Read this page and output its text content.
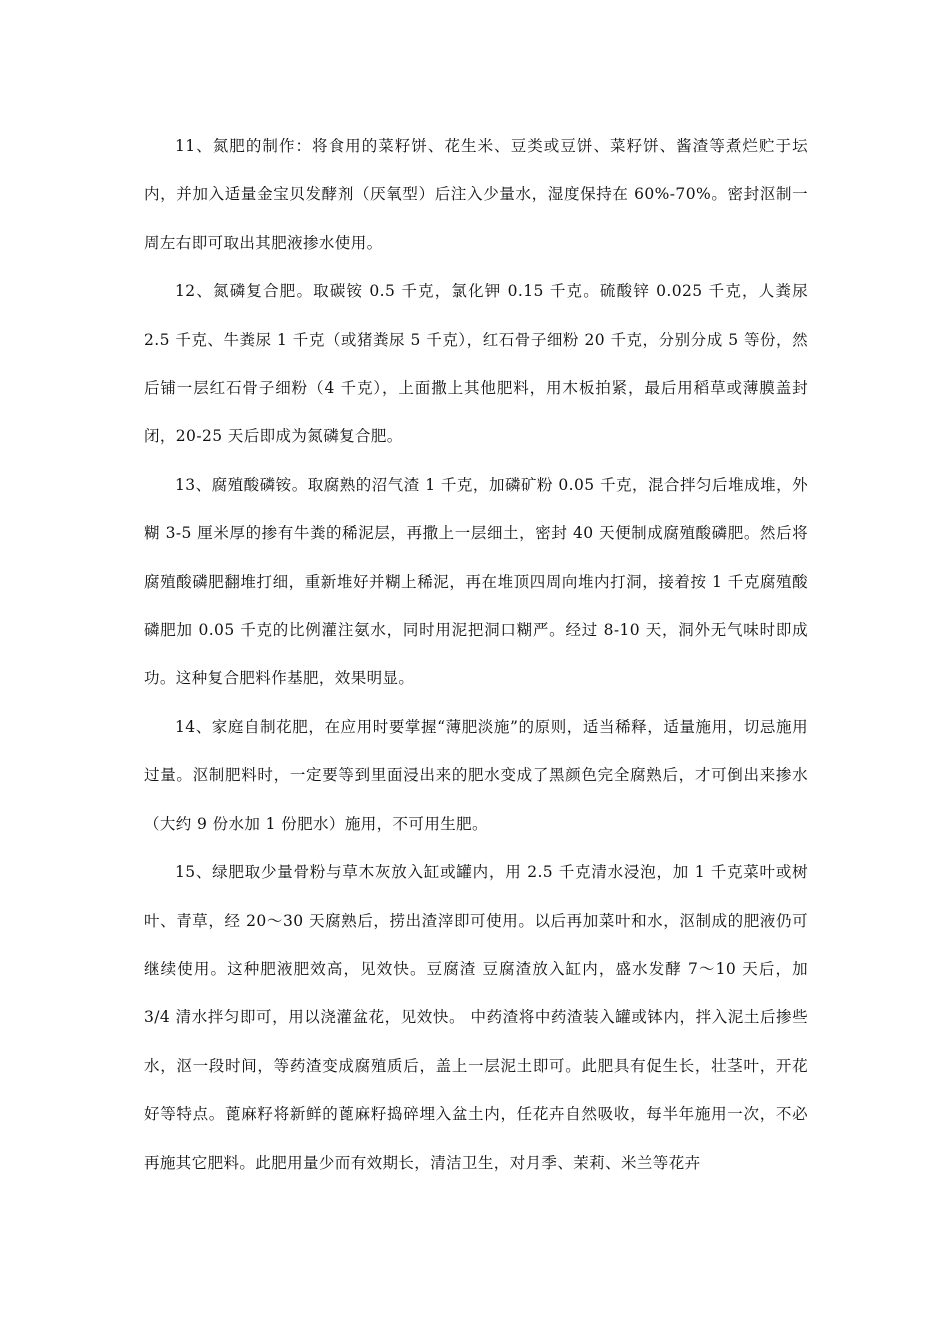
11、氮肥的制作：将食用的菜籽饼、花生米、豆类或豆饼、菜籽饼、酱渣等煮烂贮于坛内，并加入适量金宝贝发酵剂（厌氧型）后注入少量水，湿度保持在 60%-70%。密封沤制一周左右即可取出其肥液掺水使用。

12、氮磷复合肥。取碳铵 0.5 千克，氯化钾 0.15 千克。硫酸锌 0.025 千克，人粪尿 2.5 千克、牛粪尿 1 千克（或猪粪尿 5 千克），红石骨子细粉 20 千克，分别分成 5 等份，然后铺一层红石骨子细粉（4 千克），上面撒上其他肥料，用木板拍紧，最后用稻草或薄膜盖封闭，20-25 天后即成为氮磷复合肥。

13、腐殖酸磷铵。取腐熟的沼气渣 1 千克，加磷矿粉 0.05 千克，混合拌匀后堆成堆，外糊 3-5 厘米厚的掺有牛粪的稀泥层，再撒上一层细土，密封 40 天便制成腐殖酸磷肥。然后将腐殖酸磷肥翻堆打细，重新堆好并糊上稀泥，再在堆顶四周向堆内打洞，接着按 1 千克腐殖酸磷肥加 0.05 千克的比例灌注氨水，同时用泥把洞口糊严。经过 8-10 天，洞外无气味时即成功。这种复合肥料作基肥，效果明显。

14、家庭自制花肥，在应用时要掌握“薄肥淡施”的原则，适当稀释，适量施用，切忌施用过量。沤制肥料时，一定要等到里面浸出来的肥水变成了黑颜色完全腐熟后，才可倒出来掺水（大约 9 份水加 1 份肥水）施用，不可用生肥。

15、绿肥取少量骨粉与草木灰放入缸或罐内，用 2.5 千克清水浸泡，加 1 千克菜叶或树叶、青草，经 20～30 天腐熟后，捞出渣滓即可使用。以后再加菜叶和水，沤制成的肥液仍可继续使用。这种肥液肥效高，见效快。豆腐渣 豆腐渣放入缸内，盛水发酵 7～10 天后，加 3/4 清水拌匀即可，用以浇灌盆花，见效快。 中药渣将中药渣装入罐或钵内，拌入泥土后掺些水，沤一段时间，等药渣变成腐殖质后，盖上一层泥土即可。此肥具有促生长，壮茎叶，开花好等特点。蓖麻籽将新鲜的蓖麻籽捣碎埋入盆土内，任花卉自然吸收，每半年施用一次，不必再施其它肥料。此肥用量少而有效期长，清洁卫生，对月季、茉莉、米兰等花卉
